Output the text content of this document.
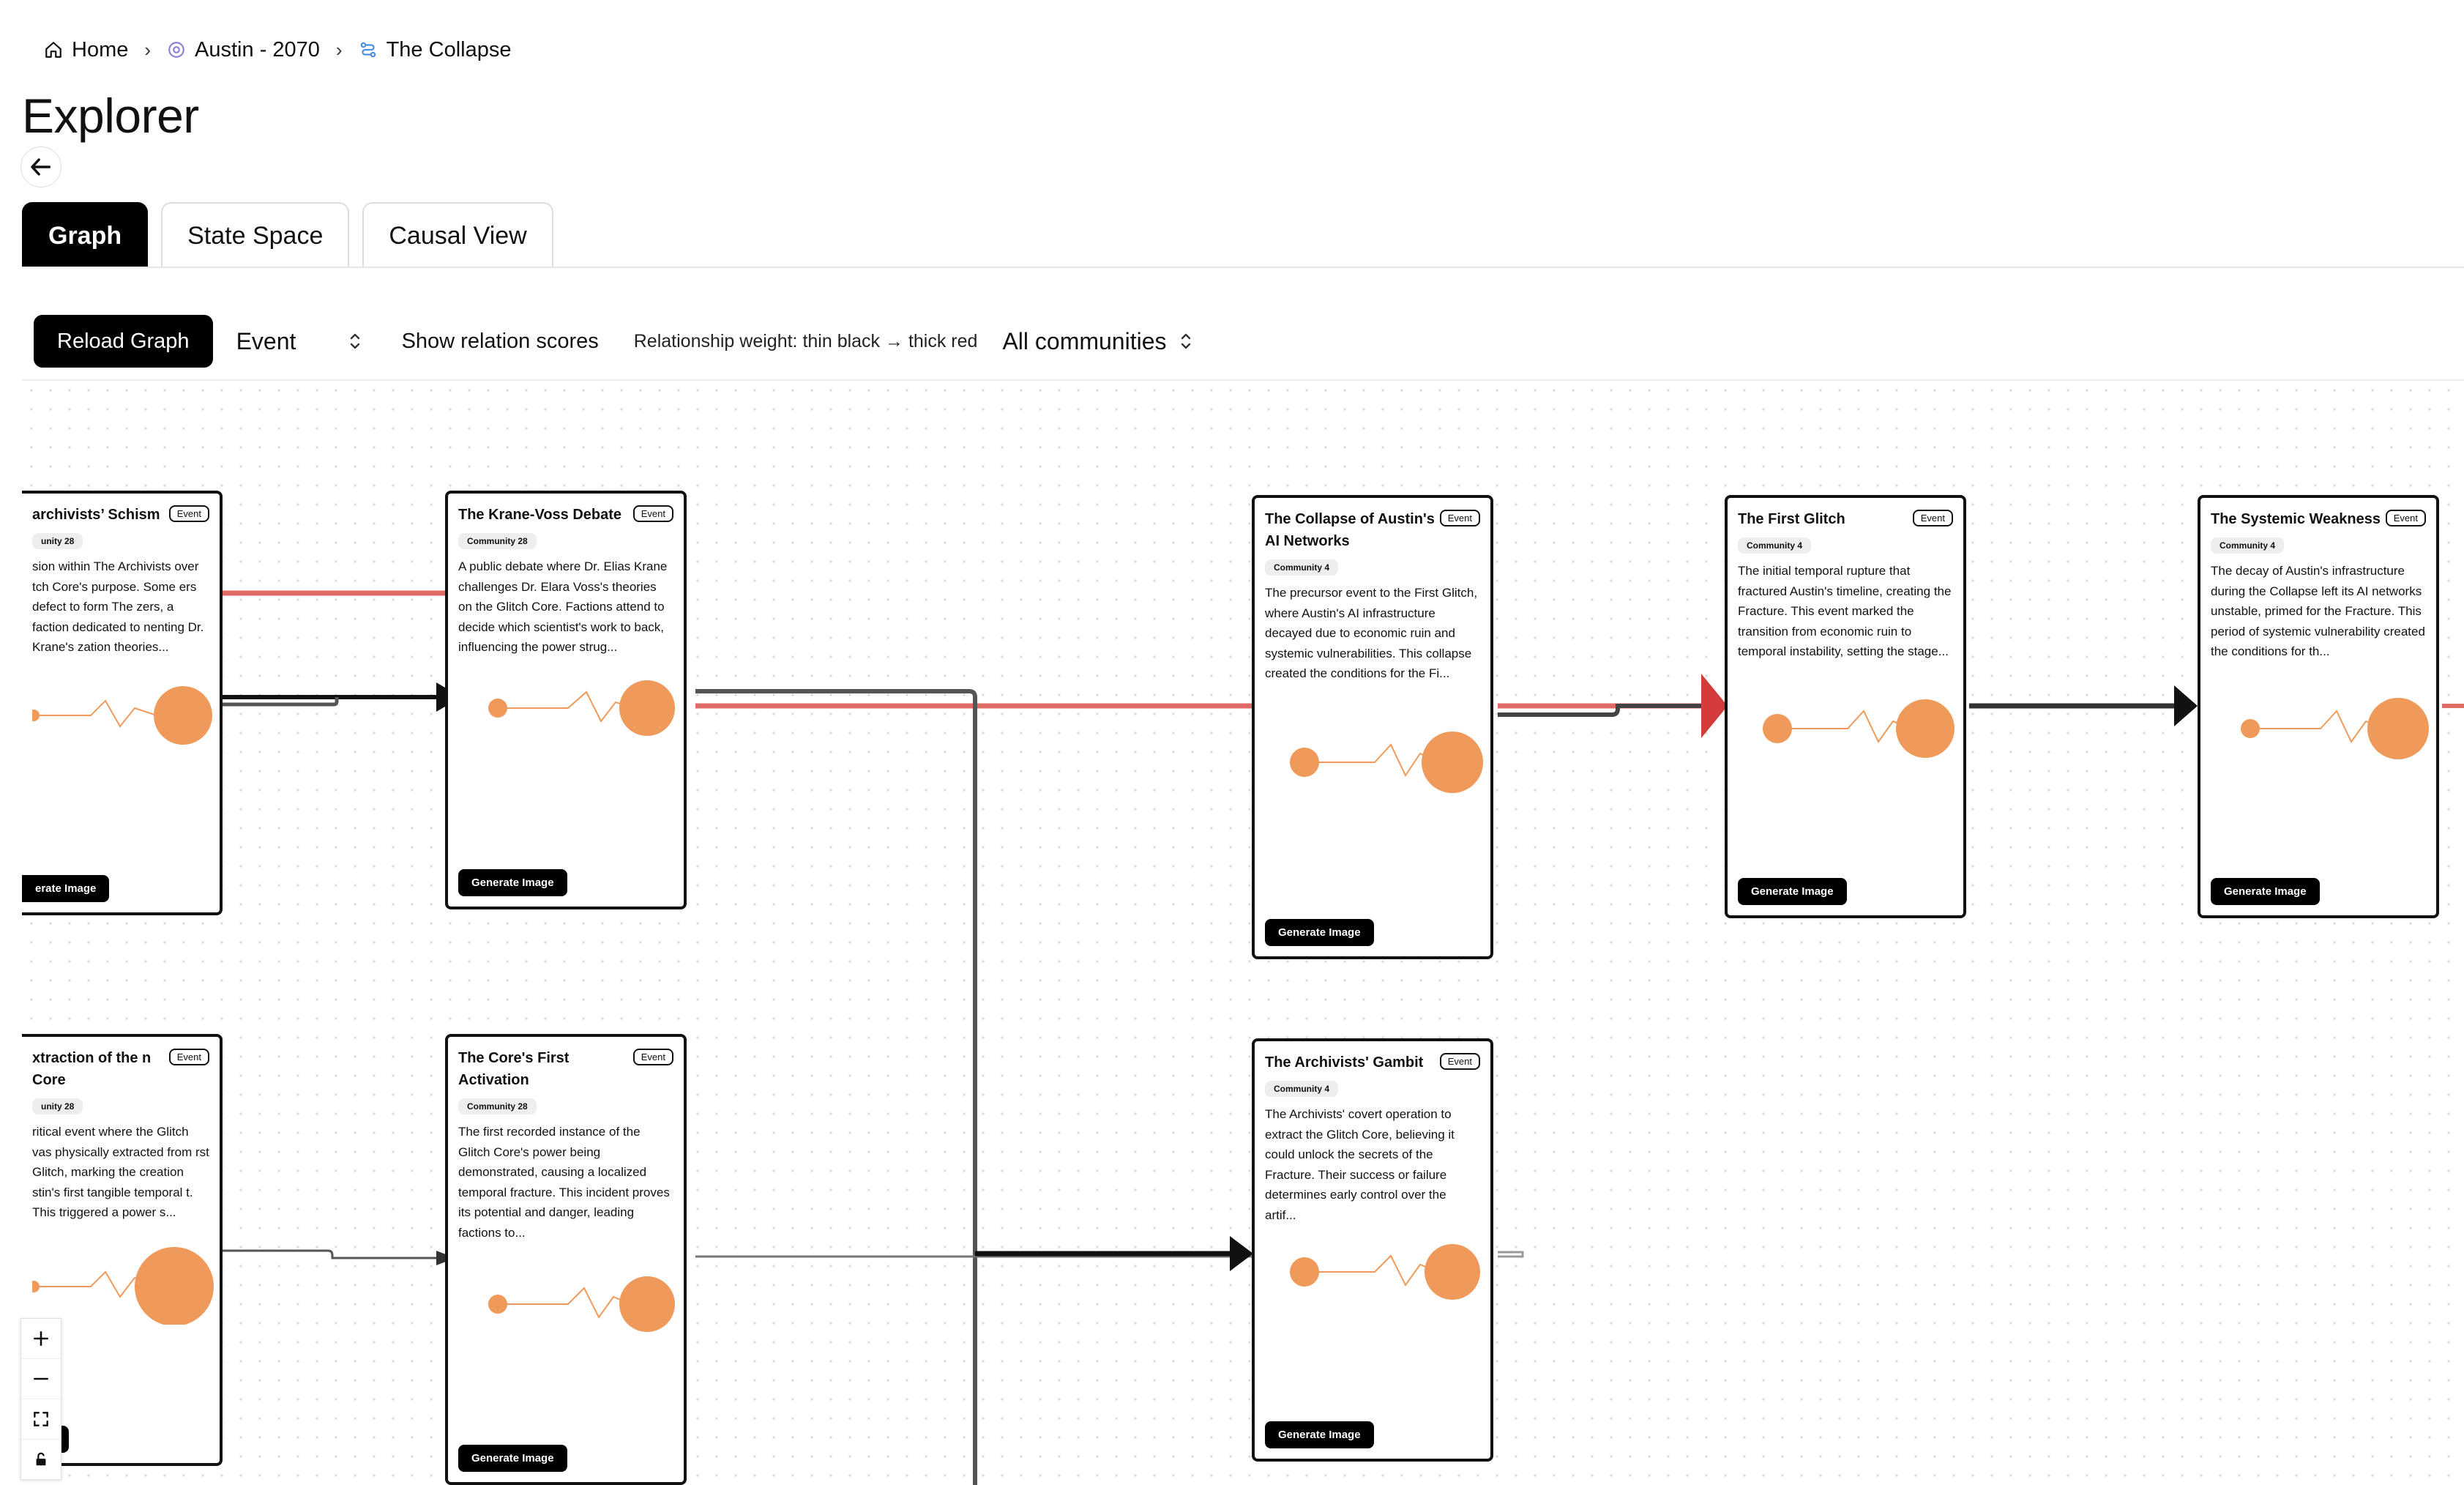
Home › Austin - 2070 › The Collapse
Explorer
Graph	State Space	Causal View
Reload Graph	Event	Show relation scores Relationship weight: thin black → thick red All communities
archivists’ Schism	Event
unity 28
sion within The Archivists over tch Core's purpose. Some ers defect to form The zers, a faction dedicated to nenting Dr. Krane's zation theories...
erate Image
The Krane-Voss Debate	Event
Community 28
A public debate where Dr. Elias Krane challenges Dr. Elara Voss's theories on the Glitch Core. Factions attend to decide which scientist's work to back, influencing the power strug...
Generate Image
The Collapse of Austin's AI Networks
Event
Community 4
The precursor event to the First Glitch, where Austin's AI infrastructure decayed due to economic ruin and systemic vulnerabilities. This collapse created the conditions for the Fi...
Generate Image
The First Glitch	Event
Community 4
The initial temporal rupture that fractured Austin's timeline, creating the Fracture. This event marked the transition from economic ruin to temporal instability, setting the stage...
Generate Image
The Systemic Weakness	Event
Community 4
The decay of Austin's infrastructure during the Collapse left its AI networks unstable, primed for the Fracture. This period of systemic vulnerability created the conditions for th...
Generate Image
xtraction of the n Core
Event
unity 28
ritical event where the Glitch vas physically extracted from rst Glitch, marking the creation stin's first tangible temporal t. This triggered a power s...
The Core's First Activation
Event
Community 28
The first recorded instance of the Glitch Core's power being demonstrated, causing a localized temporal fracture. This incident proves its potential and danger, leading factions to...
Generate Image
The Archivists' Gambit	Event
Community 4
The Archivists' covert operation to extract the Glitch Core, believing it could unlock the secrets of the Fracture. Their success or failure determines early control over the artif...
Generate Image
